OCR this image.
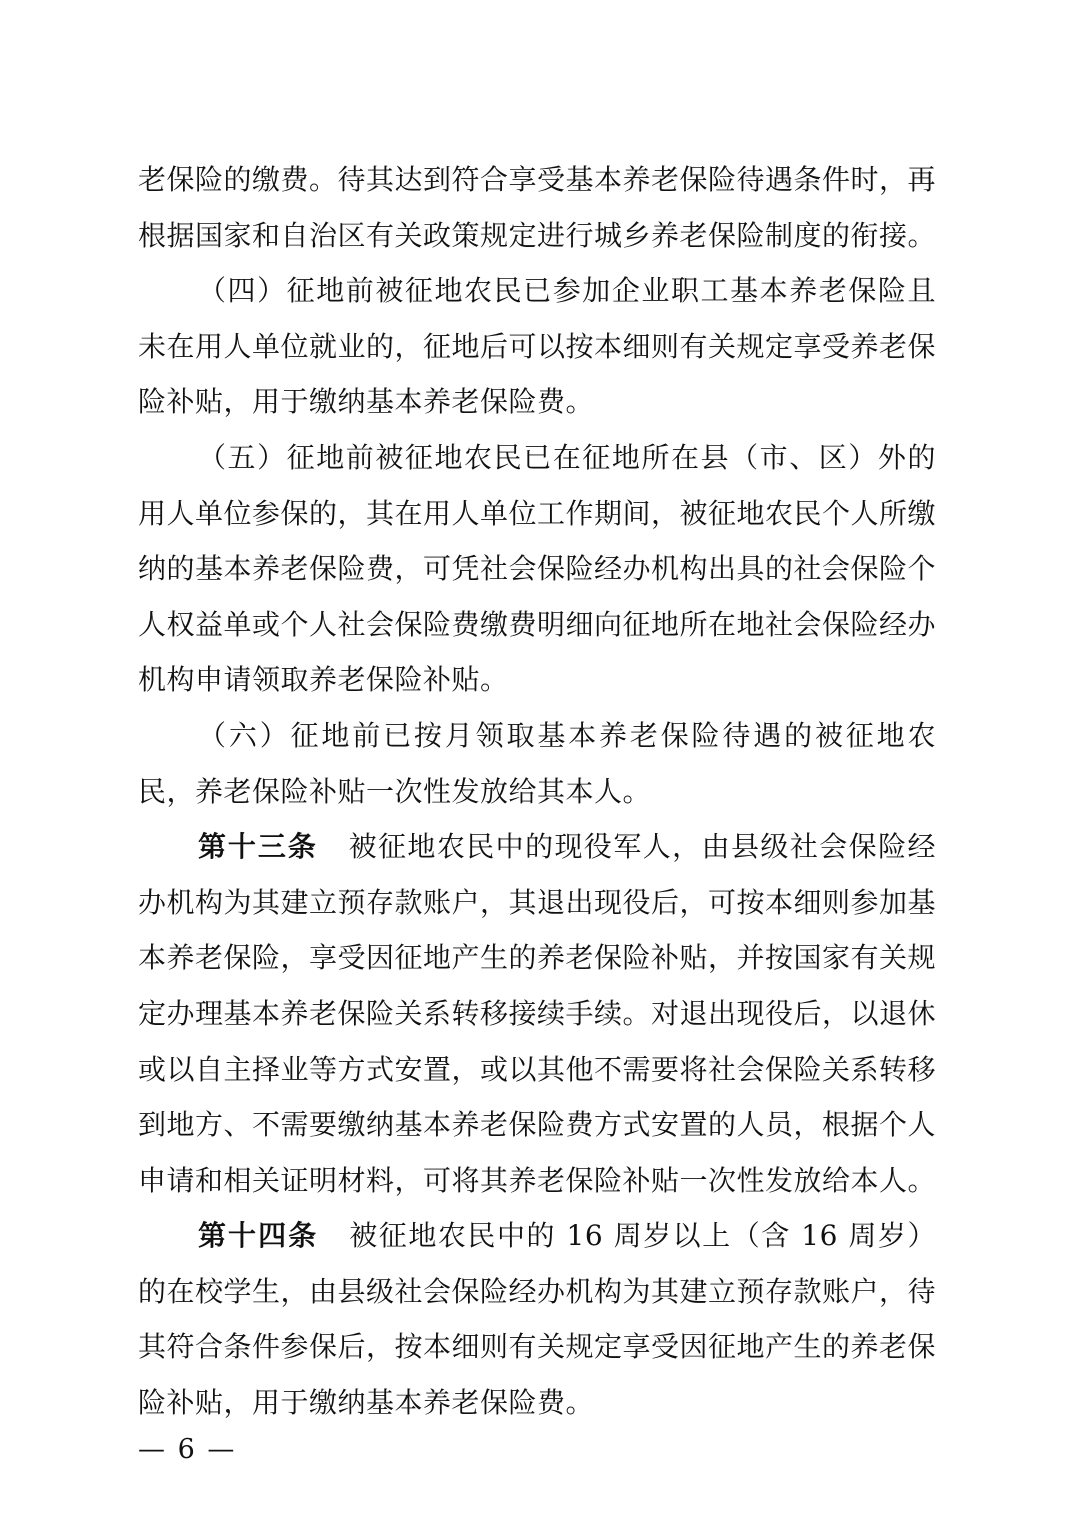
老保险的缴费。待其达到符合享受基本养老保险待遇条件时，再根据国家和自治区有关政策规定进行城乡养老保险制度的衔接。

（四）征地前被征地农民已参加企业职工基本养老保险且未在用人单位就业的，征地后可以按本细则有关规定享受养老保险补贴，用于缴纳基本养老保险费。

（五）征地前被征地农民已在征地所在县（市、区）外的用人单位参保的，其在用人单位工作期间，被征地农民个人所缴纳的基本养老保险费，可凭社会保险经办机构出具的社会保险个人权益单或个人社会保险费缴费明细向征地所在地社会保险经办机构申请领取养老保险补贴。

（六）征地前已按月领取基本养老保险待遇的被征地农民，养老保险补贴一次性发放给其本人。

第十三条 被征地农民中的现役军人，由县级社会保险经办机构为其建立预存款账户，其退出现役后，可按本细则参加基本养老保险，享受因征地产生的养老保险补贴，并按国家有关规定办理基本养老保险关系转移接续手续。对退出现役后，以退休或以自主择业等方式安置，或以其他不需要将社会保险关系转移到地方、不需要缴纳基本养老保险费方式安置的人员，根据个人申请和相关证明材料，可将其养老保险补贴一次性发放给本人。

第十四条 被征地农民中的 16 周岁以上（含 16 周岁）的在校学生，由县级社会保险经办机构为其建立预存款账户，待其符合条件参保后，按本细则有关规定享受因征地产生的养老保险补贴，用于缴纳基本养老保险费。

— 6 —
